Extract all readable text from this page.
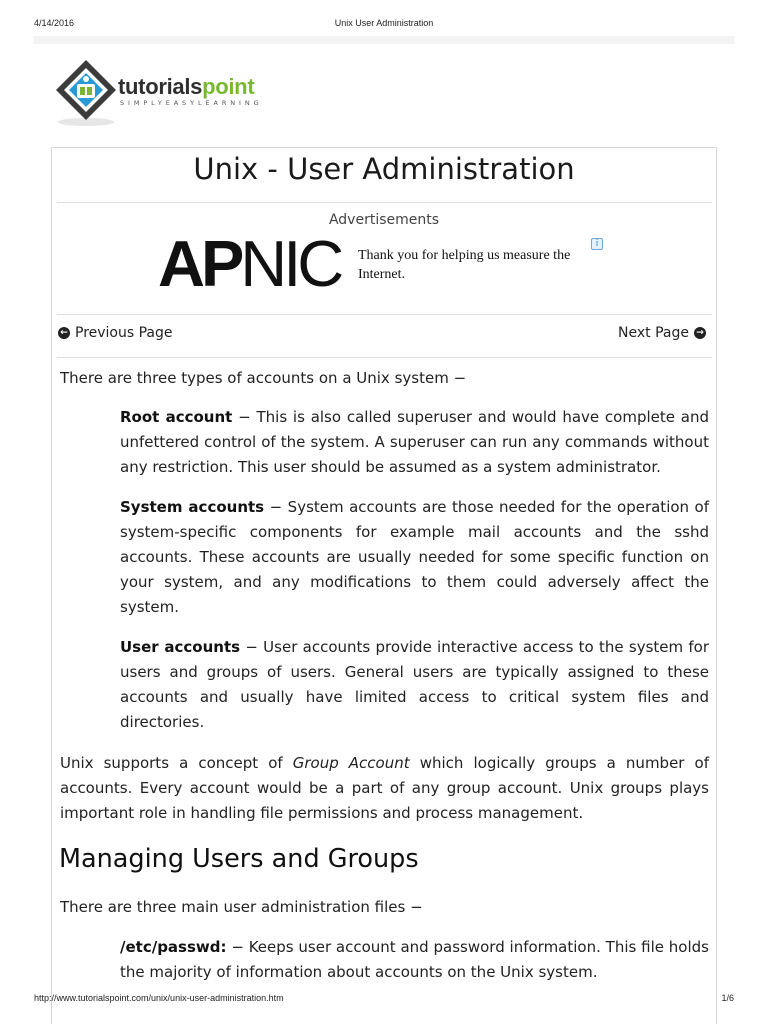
4/14/2016	Unix User Administration
tutorialspoint
SIMPLYEASYLEARNING
Unix - User Administration
Advertisements
APNIC Thank you for helping us measure the Internet.
i
← Previous Page	Next Page →

There are three types of accounts on a Unix system −

Root account − This is also called superuser and would have complete and unfettered control of the system. A superuser can run any commands without any restriction. This user should be assumed as a system administrator.

System accounts − System accounts are those needed for the operation of system-specific components for example mail accounts and the sshd accounts. These accounts are usually needed for some specific function on your system, and any modifications to them could adversely affect the system.

User accounts − User accounts provide interactive access to the system for users and groups of users. General users are typically assigned to these accounts and usually have limited access to critical system files and directories.

Unix supports a concept of Group Account which logically groups a number of accounts. Every account would be a part of any group account. Unix groups plays important role in handling file permissions and process management.

Managing Users and Groups

There are three main user administration files −

/etc/passwd: − Keeps user account and password information. This file holds the majority of information about accounts on the Unix system.

http://www.tutorialspoint.com/unix/unix-user-administration.htm	1/6
